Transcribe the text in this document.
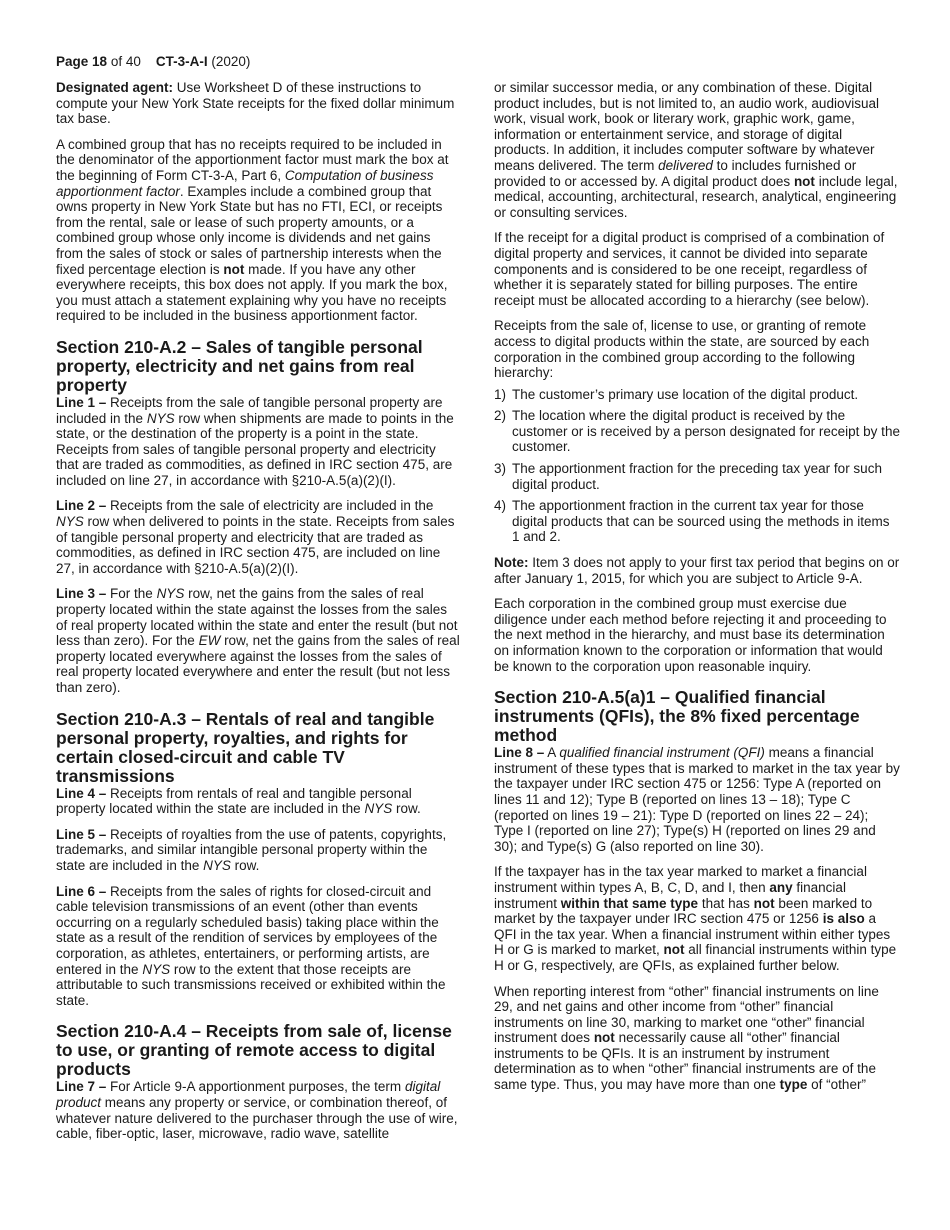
Page 18 of 40 CT-3-A-I (2020)

Designated agent: Use Worksheet D of these instructions to compute your New York State receipts for the fixed dollar minimum tax base.

A combined group that has no receipts required to be included in the denominator of the apportionment factor must mark the box at the beginning of Form CT-3-A, Part 6, Computation of business apportionment factor. Examples include a combined group that owns property in New York State but has no FTI, ECI, or receipts from the rental, sale or lease of such property amounts, or a combined group whose only income is dividends and net gains from the sales of stock or sales of partnership interests when the fixed percentage election is not made. If you have any other everywhere receipts, this box does not apply. If you mark the box, you must attach a statement explaining why you have no receipts required to be included in the business apportionment factor.

Section 210-A.2 – Sales of tangible personal property, electricity and net gains from real property

Line 1 – Receipts from the sale of tangible personal property are included in the NYS row when shipments are made to points in the state, or the destination of the property is a point in the state. Receipts from sales of tangible personal property and electricity that are traded as commodities, as defined in IRC section 475, are included on line 27, in accordance with §210-A.5(a)(2)(I).

Line 2 – Receipts from the sale of electricity are included in the NYS row when delivered to points in the state. Receipts from sales of tangible personal property and electricity that are traded as commodities, as defined in IRC section 475, are included on line 27, in accordance with §210-A.5(a)(2)(I).

Line 3 – For the NYS row, net the gains from the sales of real property located within the state against the losses from the sales of real property located within the state and enter the result (but not less than zero). For the EW row, net the gains from the sales of real property located everywhere against the losses from the sales of real property located everywhere and enter the result (but not less than zero).

Section 210-A.3 – Rentals of real and tangible personal property, royalties, and rights for certain closed-circuit and cable TV transmissions

Line 4 – Receipts from rentals of real and tangible personal property located within the state are included in the NYS row.

Line 5 – Receipts of royalties from the use of patents, copyrights, trademarks, and similar intangible personal property within the state are included in the NYS row.

Line 6 – Receipts from the sales of rights for closed-circuit and cable television transmissions of an event (other than events occurring on a regularly scheduled basis) taking place within the state as a result of the rendition of services by employees of the corporation, as athletes, entertainers, or performing artists, are entered in the NYS row to the extent that those receipts are attributable to such transmissions received or exhibited within the state.

Section 210-A.4 – Receipts from sale of, license to use, or granting of remote access to digital products

Line 7 – For Article 9-A apportionment purposes, the term digital product means any property or service, or combination thereof, of whatever nature delivered to the purchaser through the use of wire, cable, fiber-optic, laser, microwave, radio wave, satellite

or similar successor media, or any combination of these. Digital product includes, but is not limited to, an audio work, audiovisual work, visual work, book or literary work, graphic work, game, information or entertainment service, and storage of digital products. In addition, it includes computer software by whatever means delivered. The term delivered to includes furnished or provided to or accessed by. A digital product does not include legal, medical, accounting, architectural, research, analytical, engineering or consulting services.

If the receipt for a digital product is comprised of a combination of digital property and services, it cannot be divided into separate components and is considered to be one receipt, regardless of whether it is separately stated for billing purposes. The entire receipt must be allocated according to a hierarchy (see below).

Receipts from the sale of, license to use, or granting of remote access to digital products within the state, are sourced by each corporation in the combined group according to the following hierarchy:

1) The customer’s primary use location of the digital product.
2) The location where the digital product is received by the customer or is received by a person designated for receipt by the customer.
3) The apportionment fraction for the preceding tax year for such digital product.
4) The apportionment fraction in the current tax year for those digital products that can be sourced using the methods in items 1 and 2.

Note: Item 3 does not apply to your first tax period that begins on or after January 1, 2015, for which you are subject to Article 9-A.

Each corporation in the combined group must exercise due diligence under each method before rejecting it and proceeding to the next method in the hierarchy, and must base its determination on information known to the corporation or information that would be known to the corporation upon reasonable inquiry.

Section 210-A.5(a)1 – Qualified financial instruments (QFIs), the 8% fixed percentage method

Line 8 – A qualified financial instrument (QFI) means a financial instrument of these types that is marked to market in the tax year by the taxpayer under IRC section 475 or 1256: Type A (reported on lines 11 and 12); Type B (reported on lines 13 – 18); Type C (reported on lines 19 – 21): Type D (reported on lines 22 – 24); Type I (reported on line 27); Type(s) H (reported on lines 29 and 30); and Type(s) G (also reported on line 30).

If the taxpayer has in the tax year marked to market a financial instrument within types A, B, C, D, and I, then any financial instrument within that same type that has not been marked to market by the taxpayer under IRC section 475 or 1256 is also a QFI in the tax year. When a financial instrument within either types H or G is marked to market, not all financial instruments within type H or G, respectively, are QFIs, as explained further below.

When reporting interest from “other” financial instruments on line 29, and net gains and other income from “other” financial instruments on line 30, marking to market one “other” financial instrument does not necessarily cause all “other” financial instruments to be QFIs. It is an instrument by instrument determination as to when “other” financial instruments are of the same type. Thus, you may have more than one type of “other”
